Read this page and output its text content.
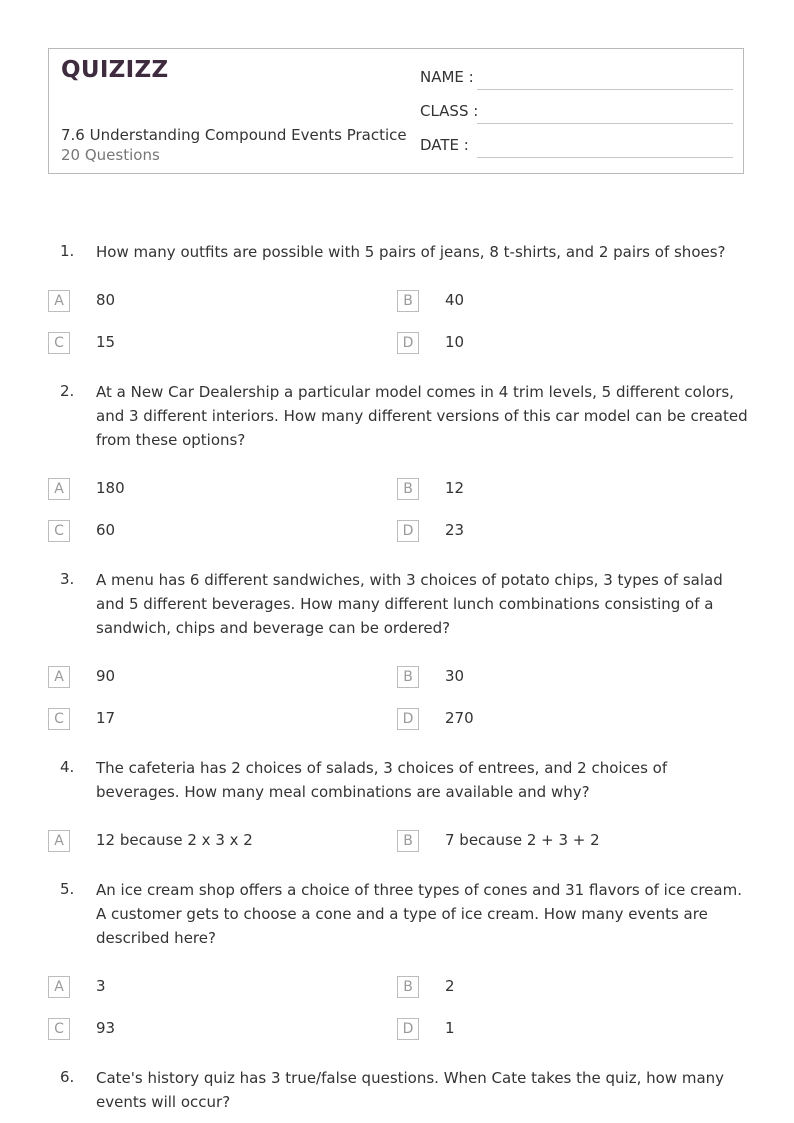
QUIZIZZ
7.6 Understanding Compound Events Practice
20 Questions
NAME :
CLASS :
DATE :
1. How many outfits are possible with 5 pairs of jeans, 8 t-shirts, and 2 pairs of shoes?
A	80	B	40
C	15	D	10
2. At a New Car Dealership a particular model comes in 4 trim levels, 5 different colors, and 3 different interiors. How many different versions of this car model can be created from these options?
A	180	B	12
C	60	D	23
3. A menu has 6 different sandwiches, with 3 choices of potato chips, 3 types of salad and 5 different beverages. How many different lunch combinations consisting of a sandwich, chips and beverage can be ordered?
A	90	B	30
C	17	D	270
4. The cafeteria has 2 choices of salads, 3 choices of entrees, and 2 choices of beverages. How many meal combinations are available and why?
A	12 because 2 x 3 x 2	B	7 because 2 + 3 + 2
5. An ice cream shop offers a choice of three types of cones and 31 flavors of ice cream. A customer gets to choose a cone and a type of ice cream. How many events are described here?
A	3	B	2
C	93	D	1
6. Cate's history quiz has 3 true/false questions. When Cate takes the quiz, how many events will occur?
